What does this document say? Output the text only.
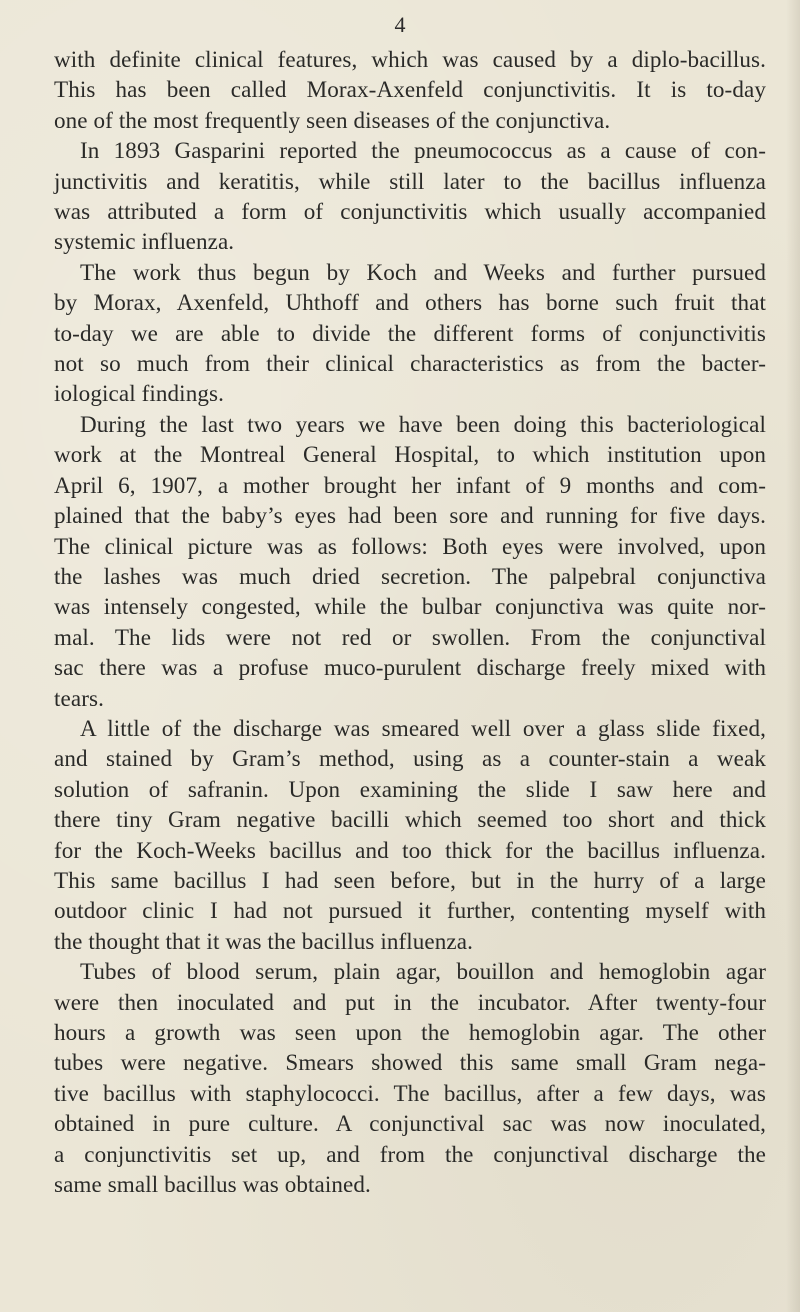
4
with definite clinical features, which was caused by a diplo-bacillus.
This has been called Morax-Axenfeld conjunctivitis. It is to-day
one of the most frequently seen diseases of the conjunctiva.
In 1893 Gasparini reported the pneumococcus as a cause of con-
junctivitis and keratitis, while still later to the bacillus influenza
was attributed a form of conjunctivitis which usually accompanied
systemic influenza.
The work thus begun by Koch and Weeks and further pursued
by Morax, Axenfeld, Uhthoff and others has borne such fruit that
to-day we are able to divide the different forms of conjunctivitis
not so much from their clinical characteristics as from the bacter-
iological findings.
During the last two years we have been doing this bacteriological
work at the Montreal General Hospital, to which institution upon
April 6, 1907, a mother brought her infant of 9 months and com-
plained that the baby’s eyes had been sore and running for five days.
The clinical picture was as follows: Both eyes were involved, upon
the lashes was much dried secretion. The palpebral conjunctiva
was intensely congested, while the bulbar conjunctiva was quite nor-
mal. The lids were not red or swollen. From the conjunctival
sac there was a profuse muco-purulent discharge freely mixed with
tears.
A little of the discharge was smeared well over a glass slide fixed,
and stained by Gram’s method, using as a counter-stain a weak
solution of safranin. Upon examining the slide I saw here and
there tiny Gram negative bacilli which seemed too short and thick
for the Koch-Weeks bacillus and too thick for the bacillus influenza.
This same bacillus I had seen before, but in the hurry of a large
outdoor clinic I had not pursued it further, contenting myself with
the thought that it was the bacillus influenza.
Tubes of blood serum, plain agar, bouillon and hemoglobin agar
were then inoculated and put in the incubator. After twenty-four
hours a growth was seen upon the hemoglobin agar. The other
tubes were negative. Smears showed this same small Gram nega-
tive bacillus with staphylococci. The bacillus, after a few days, was
obtained in pure culture. A conjunctival sac was now inoculated,
a conjunctivitis set up, and from the conjunctival discharge the
same small bacillus was obtained.
